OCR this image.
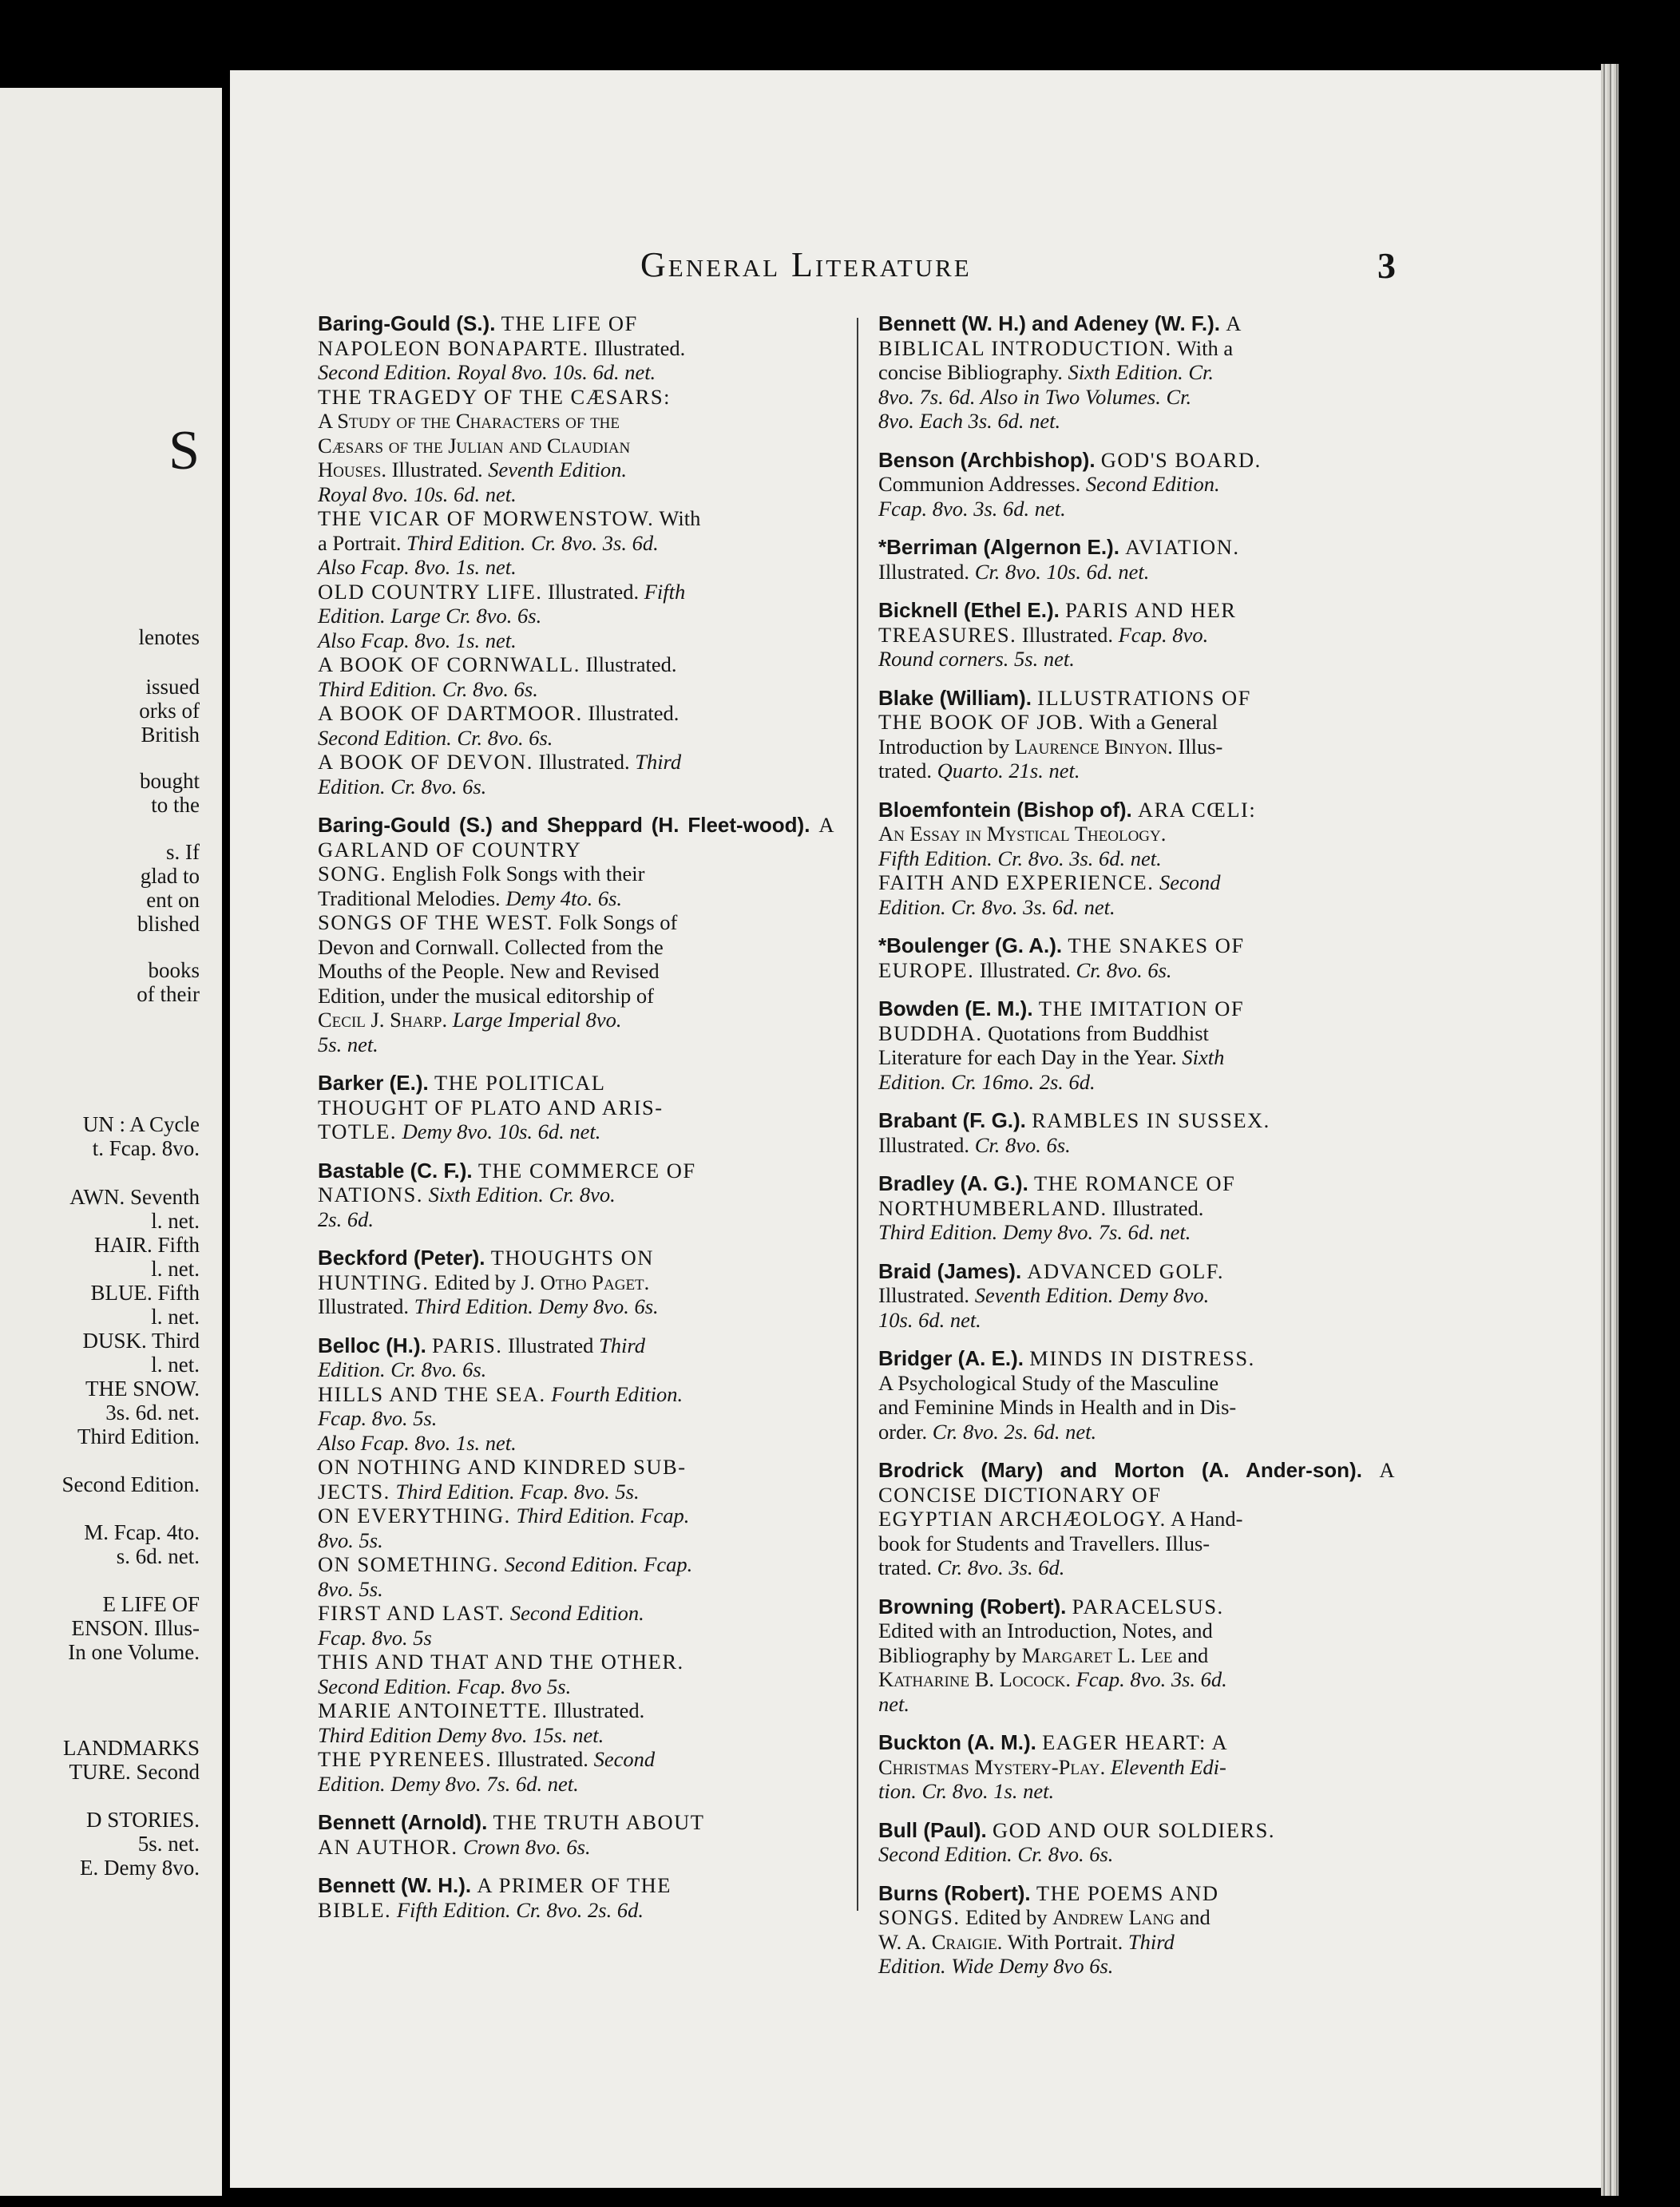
S
lenotes
issued
orks of
British
bought
to the
s. If
glad to
ent on
blished
books
of their
UN : A Cycle
t. Fcap. 8vo.
AWN. Seventh
l. net.
HAIR. Fifth
l. net.
BLUE. Fifth
l. net.
DUSK. Third
l. net.
THE SNOW.
3s. 6d. net.
Third Edition.
Second Edition.
M. Fcap. 4to.
s. 6d. net.
E LIFE OF
ENSON. Illus-
In one Volume.
LANDMARKS
TURE. Second
D STORIES.
5s. net.
E. Demy 8vo.
General Literature	3
Baring-Gould (S.). THE LIFE OF
NAPOLEON BONAPARTE. Illustrated.
Second Edition. Royal 8vo. 10s. 6d. net.
THE TRAGEDY OF THE CÆSARS:
A Study of the Characters of the
Cæsars of the Julian and Claudian
Houses. Illustrated. Seventh Edition.
Royal 8vo. 10s. 6d. net.
THE VICAR OF MORWENSTOW. With
a Portrait. Third Edition. Cr. 8vo. 3s. 6d.
Also Fcap. 8vo. 1s. net.
OLD COUNTRY LIFE. Illustrated. Fifth
Edition. Large Cr. 8vo. 6s.
Also Fcap. 8vo. 1s. net.
A BOOK OF CORNWALL. Illustrated.
Third Edition. Cr. 8vo. 6s.
A BOOK OF DARTMOOR. Illustrated.
Second Edition. Cr. 8vo. 6s.
A BOOK OF DEVON. Illustrated. Third
Edition. Cr. 8vo. 6s.
Baring-Gould (S.) and Sheppard (H. Fleet-wood). A GARLAND OF COUNTRY
SONG. English Folk Songs with their
Traditional Melodies. Demy 4to. 6s.
SONGS OF THE WEST. Folk Songs of
Devon and Cornwall. Collected from the
Mouths of the People. New and Revised
Edition, under the musical editorship of
Cecil J. Sharp. Large Imperial 8vo.
5s. net.
Barker (E.). THE POLITICAL
THOUGHT OF PLATO AND ARIS-
TOTLE. Demy 8vo. 10s. 6d. net.
Bastable (C. F.). THE COMMERCE OF
NATIONS. Sixth Edition. Cr. 8vo.
2s. 6d.
Beckford (Peter). THOUGHTS ON
HUNTING. Edited by J. Otho Paget.
Illustrated. Third Edition. Demy 8vo. 6s.
Belloc (H.). PARIS. Illustrated Third
Edition. Cr. 8vo. 6s.
HILLS AND THE SEA. Fourth Edition.
Fcap. 8vo. 5s.
Also Fcap. 8vo. 1s. net.
ON NOTHING AND KINDRED SUB-
JECTS. Third Edition. Fcap. 8vo. 5s.
ON EVERYTHING. Third Edition. Fcap.
8vo. 5s.
ON SOMETHING. Second Edition. Fcap.
8vo. 5s.
FIRST AND LAST. Second Edition.
Fcap. 8vo. 5s
THIS AND THAT AND THE OTHER.
Second Edition. Fcap. 8vo 5s.
MARIE ANTOINETTE. Illustrated.
Third Edition Demy 8vo. 15s. net.
THE PYRENEES. Illustrated. Second
Edition. Demy 8vo. 7s. 6d. net.
Bennett (Arnold). THE TRUTH ABOUT
AN AUTHOR. Crown 8vo. 6s.
Bennett (W. H.). A PRIMER OF THE
BIBLE. Fifth Edition. Cr. 8vo. 2s. 6d.
Bennett (W. H.) and Adeney (W. F.). A
BIBLICAL INTRODUCTION. With a
concise Bibliography. Sixth Edition. Cr.
8vo. 7s. 6d. Also in Two Volumes. Cr.
8vo. Each 3s. 6d. net.
Benson (Archbishop). GOD'S BOARD.
Communion Addresses. Second Edition.
Fcap. 8vo. 3s. 6d. net.
*Berriman (Algernon E.). AVIATION.
Illustrated. Cr. 8vo. 10s. 6d. net.
Bicknell (Ethel E.). PARIS AND HER
TREASURES. Illustrated. Fcap. 8vo.
Round corners. 5s. net.
Blake (William). ILLUSTRATIONS OF
THE BOOK OF JOB. With a General
Introduction by Laurence Binyon. Illus-
trated. Quarto. 21s. net.
Bloemfontein (Bishop of). ARA CŒLI:
An Essay in Mystical Theology.
Fifth Edition. Cr. 8vo. 3s. 6d. net.
FAITH AND EXPERIENCE. Second
Edition. Cr. 8vo. 3s. 6d. net.
*Boulenger (G. A.). THE SNAKES OF
EUROPE. Illustrated. Cr. 8vo. 6s.
Bowden (E. M.). THE IMITATION OF
BUDDHA. Quotations from Buddhist
Literature for each Day in the Year. Sixth
Edition. Cr. 16mo. 2s. 6d.
Brabant (F. G.). RAMBLES IN SUSSEX.
Illustrated. Cr. 8vo. 6s.
Bradley (A. G.). THE ROMANCE OF
NORTHUMBERLAND. Illustrated.
Third Edition. Demy 8vo. 7s. 6d. net.
Braid (James). ADVANCED GOLF.
Illustrated. Seventh Edition. Demy 8vo.
10s. 6d. net.
Bridger (A. E.). MINDS IN DISTRESS.
A Psychological Study of the Masculine
and Feminine Minds in Health and in Dis-
order. Cr. 8vo. 2s. 6d. net.
Brodrick (Mary) and Morton (A. Ander-son). A CONCISE DICTIONARY OF
EGYPTIAN ARCHÆOLOGY. A Hand-
book for Students and Travellers. Illus-
trated. Cr. 8vo. 3s. 6d.
Browning (Robert). PARACELSUS.
Edited with an Introduction, Notes, and
Bibliography by Margaret L. Lee and
Katharine B. Locock. Fcap. 8vo. 3s. 6d.
net.
Buckton (A. M.). EAGER HEART: A
Christmas Mystery-Play. Eleventh Edi-
tion. Cr. 8vo. 1s. net.
Bull (Paul). GOD AND OUR SOLDIERS.
Second Edition. Cr. 8vo. 6s.
Burns (Robert). THE POEMS AND
SONGS. Edited by Andrew Lang and
W. A. Craigie. With Portrait. Third
Edition. Wide Demy 8vo 6s.
